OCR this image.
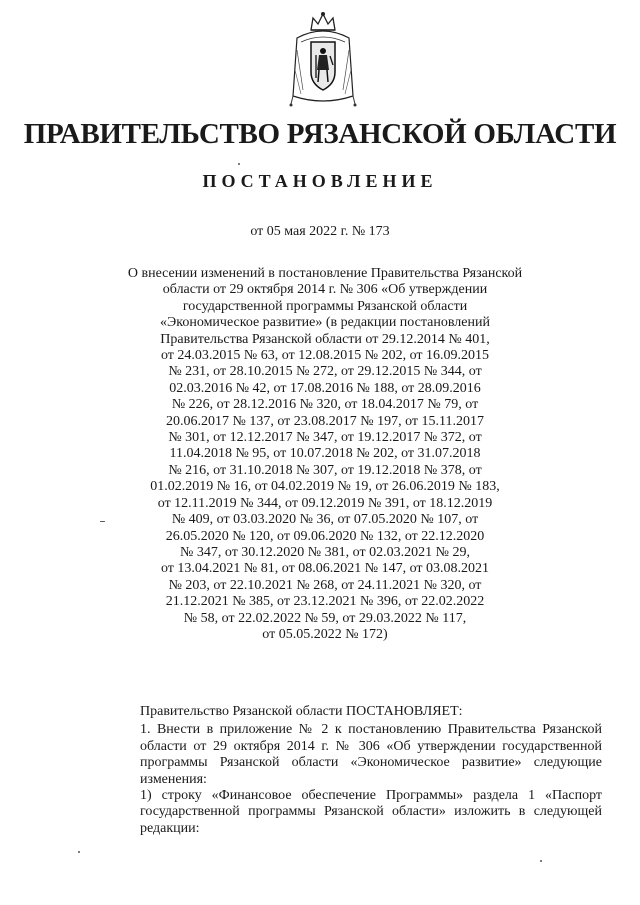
ПРАВИТЕЛЬСТВО РЯЗАНСКОЙ ОБЛАСТИ
ПОСТАНОВЛЕНИЕ
от 05 мая 2022 г. № 173
О внесении изменений в постановление Правительства Рязанской
области от 29 октября 2014 г. № 306 «Об утверждении
государственной программы Рязанской области
«Экономическое развитие» (в редакции постановлений
Правительства Рязанской области от 29.12.2014 № 401,
от 24.03.2015 № 63, от 12.08.2015 № 202, от 16.09.2015
№ 231, от 28.10.2015 № 272, от 29.12.2015 № 344, от
02.03.2016 № 42, от 17.08.2016 № 188, от 28.09.2016
№ 226, от 28.12.2016 № 320, от 18.04.2017 № 79, от
20.06.2017 № 137, от 23.08.2017 № 197, от 15.11.2017
№ 301, от 12.12.2017 № 347, от 19.12.2017 № 372, от
11.04.2018 № 95, от 10.07.2018 № 202, от 31.07.2018
№ 216, от 31.10.2018 № 307, от 19.12.2018 № 378, от
01.02.2019 № 16, от 04.02.2019 № 19, от 26.06.2019 № 183,
от 12.11.2019 № 344, от 09.12.2019 № 391, от 18.12.2019
№ 409, от 03.03.2020 № 36, от 07.05.2020 № 107, от
26.05.2020 № 120, от 09.06.2020 № 132, от 22.12.2020
№ 347, от 30.12.2020 № 381, от 02.03.2021 № 29,
от 13.04.2021 № 81, от 08.06.2021 № 147, от 03.08.2021
№ 203, от 22.10.2021 № 268, от 24.11.2021 № 320, от
21.12.2021 № 385, от 23.12.2021 № 396, от 22.02.2022
№ 58, от 22.02.2022 № 59, от 29.03.2022 № 117,
от 05.05.2022 № 172)

Правительство Рязанской области ПОСТАНОВЛЯЕТ:

1. Внести в приложение № 2 к постановлению Правительства Рязанской
области от 29 октября 2014 г. № 306 «Об утверждении государственной
программы Рязанской области «Экономическое развитие» следующие
изменения:

1) строку «Финансовое обеспечение Программы» раздела 1 «Паспорт
государственной программы Рязанской области» изложить в следующей
редакции:
